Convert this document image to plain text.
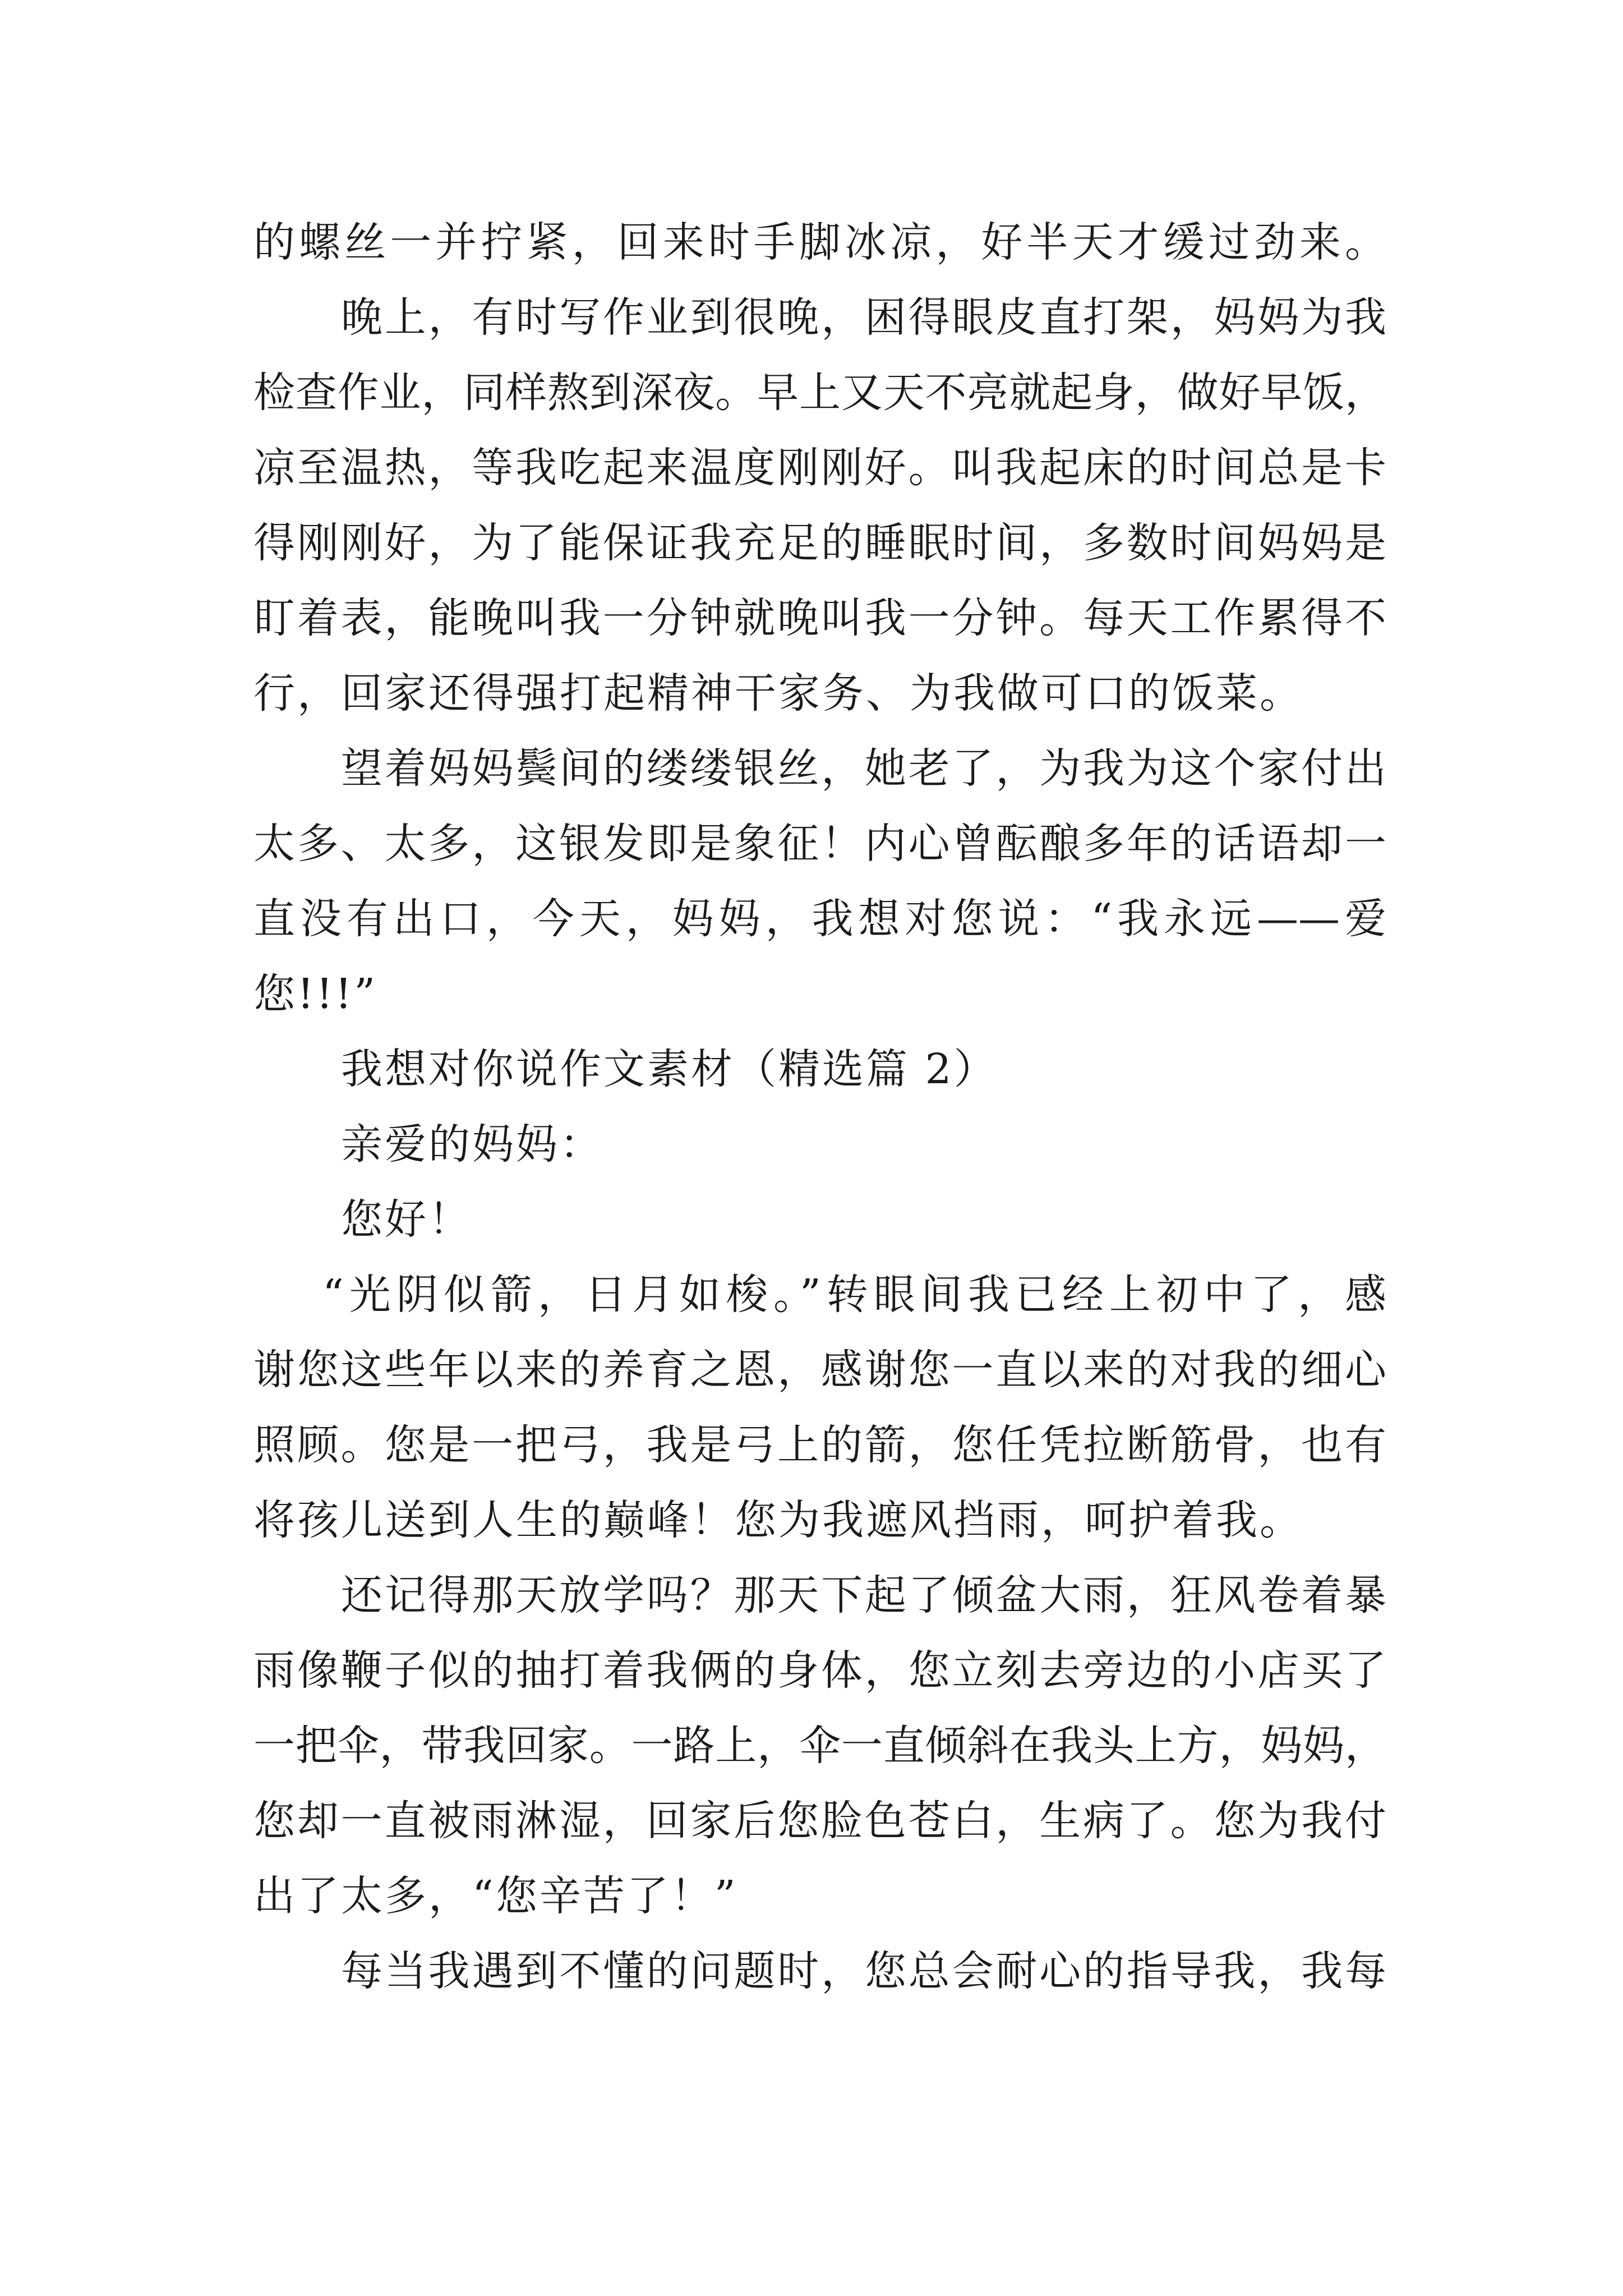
的螺丝一并拧紧，回来时手脚冰凉，好半天才缓过劲来。
晚上，有时写作业到很晚，困得眼皮直打架，妈妈为我
检查作业，同样熬到深夜。早上又天不亮就起身，做好早饭，
凉至温热，等我吃起来温度刚刚好。叫我起床的时间总是卡
得刚刚好，为了能保证我充足的睡眠时间，多数时间妈妈是
盯着表，能晚叫我一分钟就晚叫我一分钟。每天工作累得不
行，回家还得强打起精神干家务、为我做可口的饭菜。
望着妈妈鬓间的缕缕银丝，她老了，为我为这个家付出
太多、太多，这银发即是象征！内心曾酝酿多年的话语却一
直没有出口，今天，妈妈，我想对您说：“我永远——爱
您!!!”
我想对你说作文素材（精选篇 2）
亲爱的妈妈：
您好！
“光阴似箭，日月如梭。”转眼间我已经上初中了，感
谢您这些年以来的养育之恩，感谢您一直以来的对我的细心
照顾。您是一把弓，我是弓上的箭，您任凭拉断筋骨，也有
将孩儿送到人生的巅峰！您为我遮风挡雨，呵护着我。
还记得那天放学吗？那天下起了倾盆大雨，狂风卷着暴
雨像鞭子似的抽打着我俩的身体，您立刻去旁边的小店买了
一把伞，带我回家。一路上，伞一直倾斜在我头上方，妈妈，
您却一直被雨淋湿，回家后您脸色苍白，生病了。您为我付
出了太多，“您辛苦了！”
每当我遇到不懂的问题时，您总会耐心的指导我，我每
